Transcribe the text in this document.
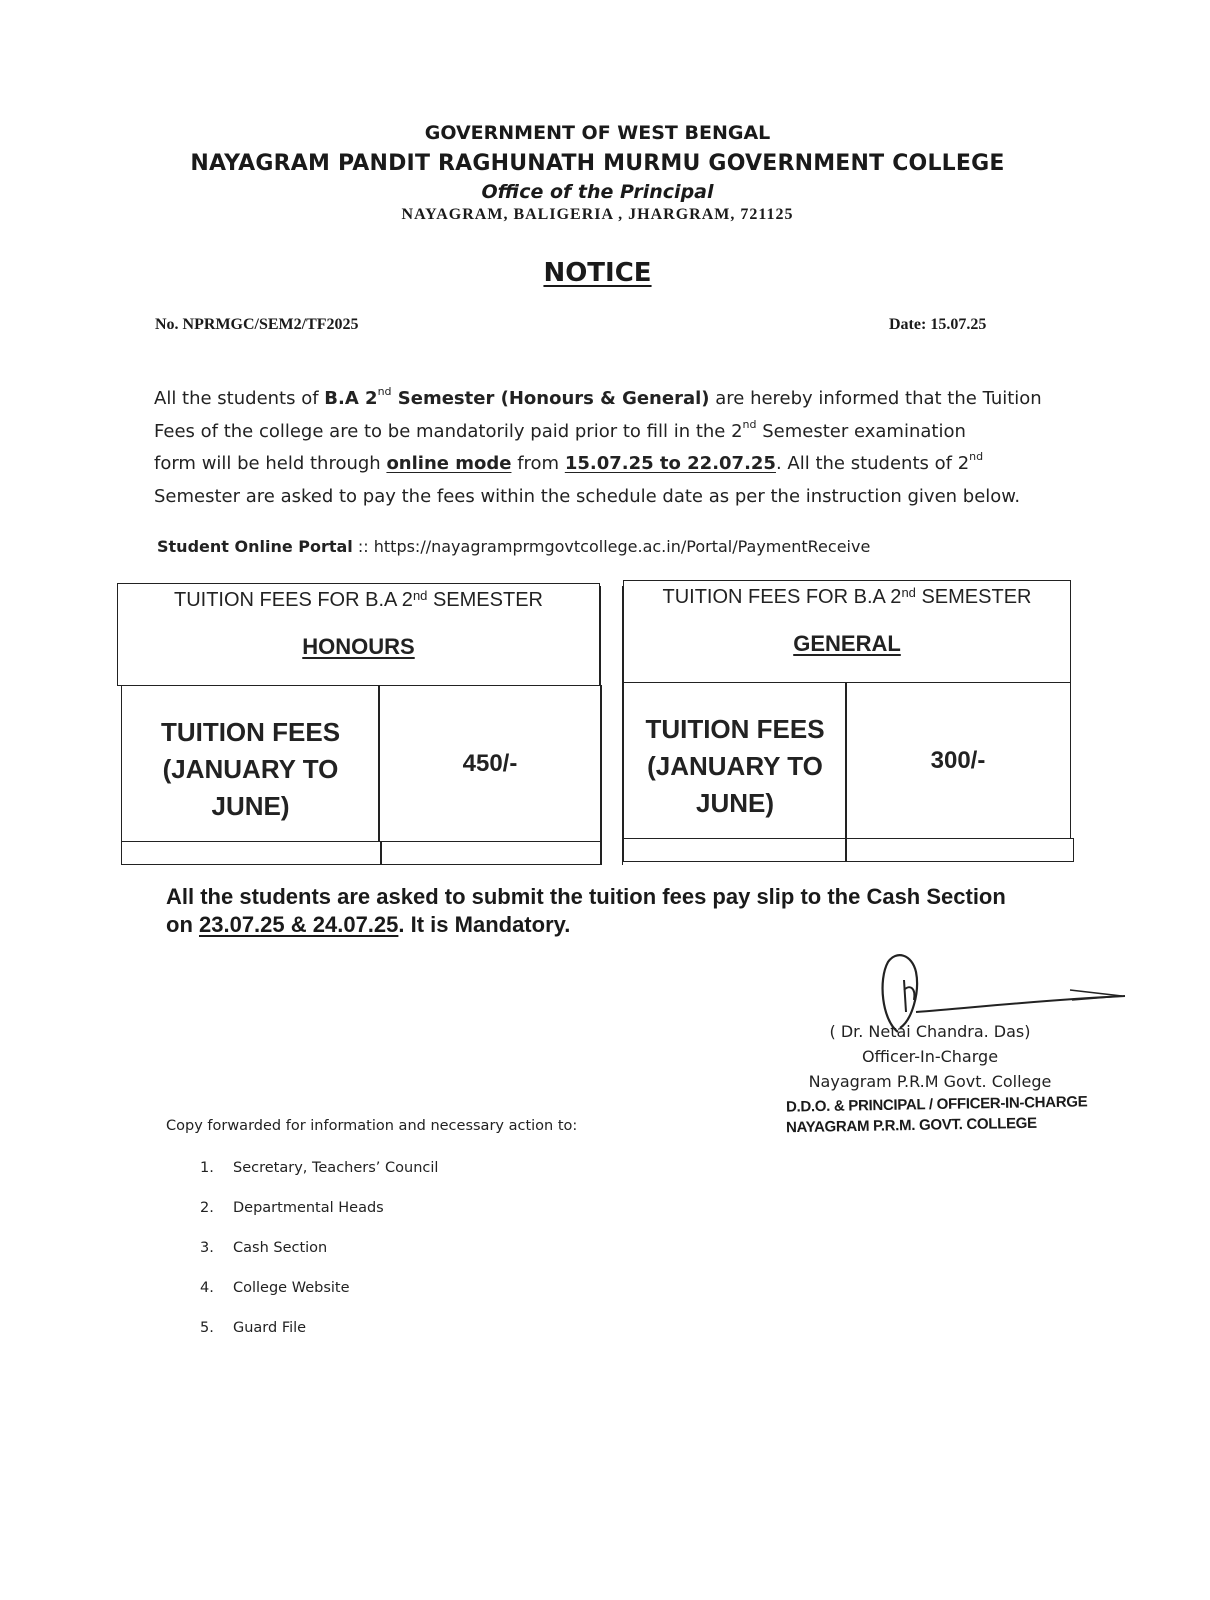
GOVERNMENT OF WEST BENGAL
NAYAGRAM PANDIT RAGHUNATH MURMU GOVERNMENT COLLEGE
Office of the Principal
NAYAGRAM, BALIGERIA , JHARGRAM, 721125
NOTICE
No. NPRMGC/SEM2/TF2025	Date: 15.07.25
All the students of B.A 2nd Semester (Honours & General) are hereby informed that the Tuition
Fees of the college are to be mandatorily paid prior to fill in the 2nd Semester examination
form will be held through online mode from 15.07.25 to 22.07.25. All the students of 2nd
Semester are asked to pay the fees within the schedule date as per the instruction given below.
Student Online Portal :: https://nayagramprmgovtcollege.ac.in/Portal/PaymentReceive
TUITION FEES FOR B.A 2nd SEMESTER
HONOURS
TUITION FEES FOR B.A 2nd SEMESTER
GENERAL
TUITION FEES
(JANUARY TO
JUNE)
450/-
TUITION FEES
(JANUARY TO
JUNE)
300/-
All the students are asked to submit the tuition fees pay slip to the Cash Section
on 23.07.25 & 24.07.25. It is Mandatory.
( Dr. Netai Chandra. Das)
Officer-In-Charge
Nayagram P.R.M Govt. College
D.D.O. & PRINCIPAL / OFFICER-IN-CHARGE
NAYAGRAM P.R.M. GOVT. COLLEGE
Copy forwarded for information and necessary action to:
1. Secretary, Teachers’ Council
2. Departmental Heads
3. Cash Section
4. College Website
5. Guard File
